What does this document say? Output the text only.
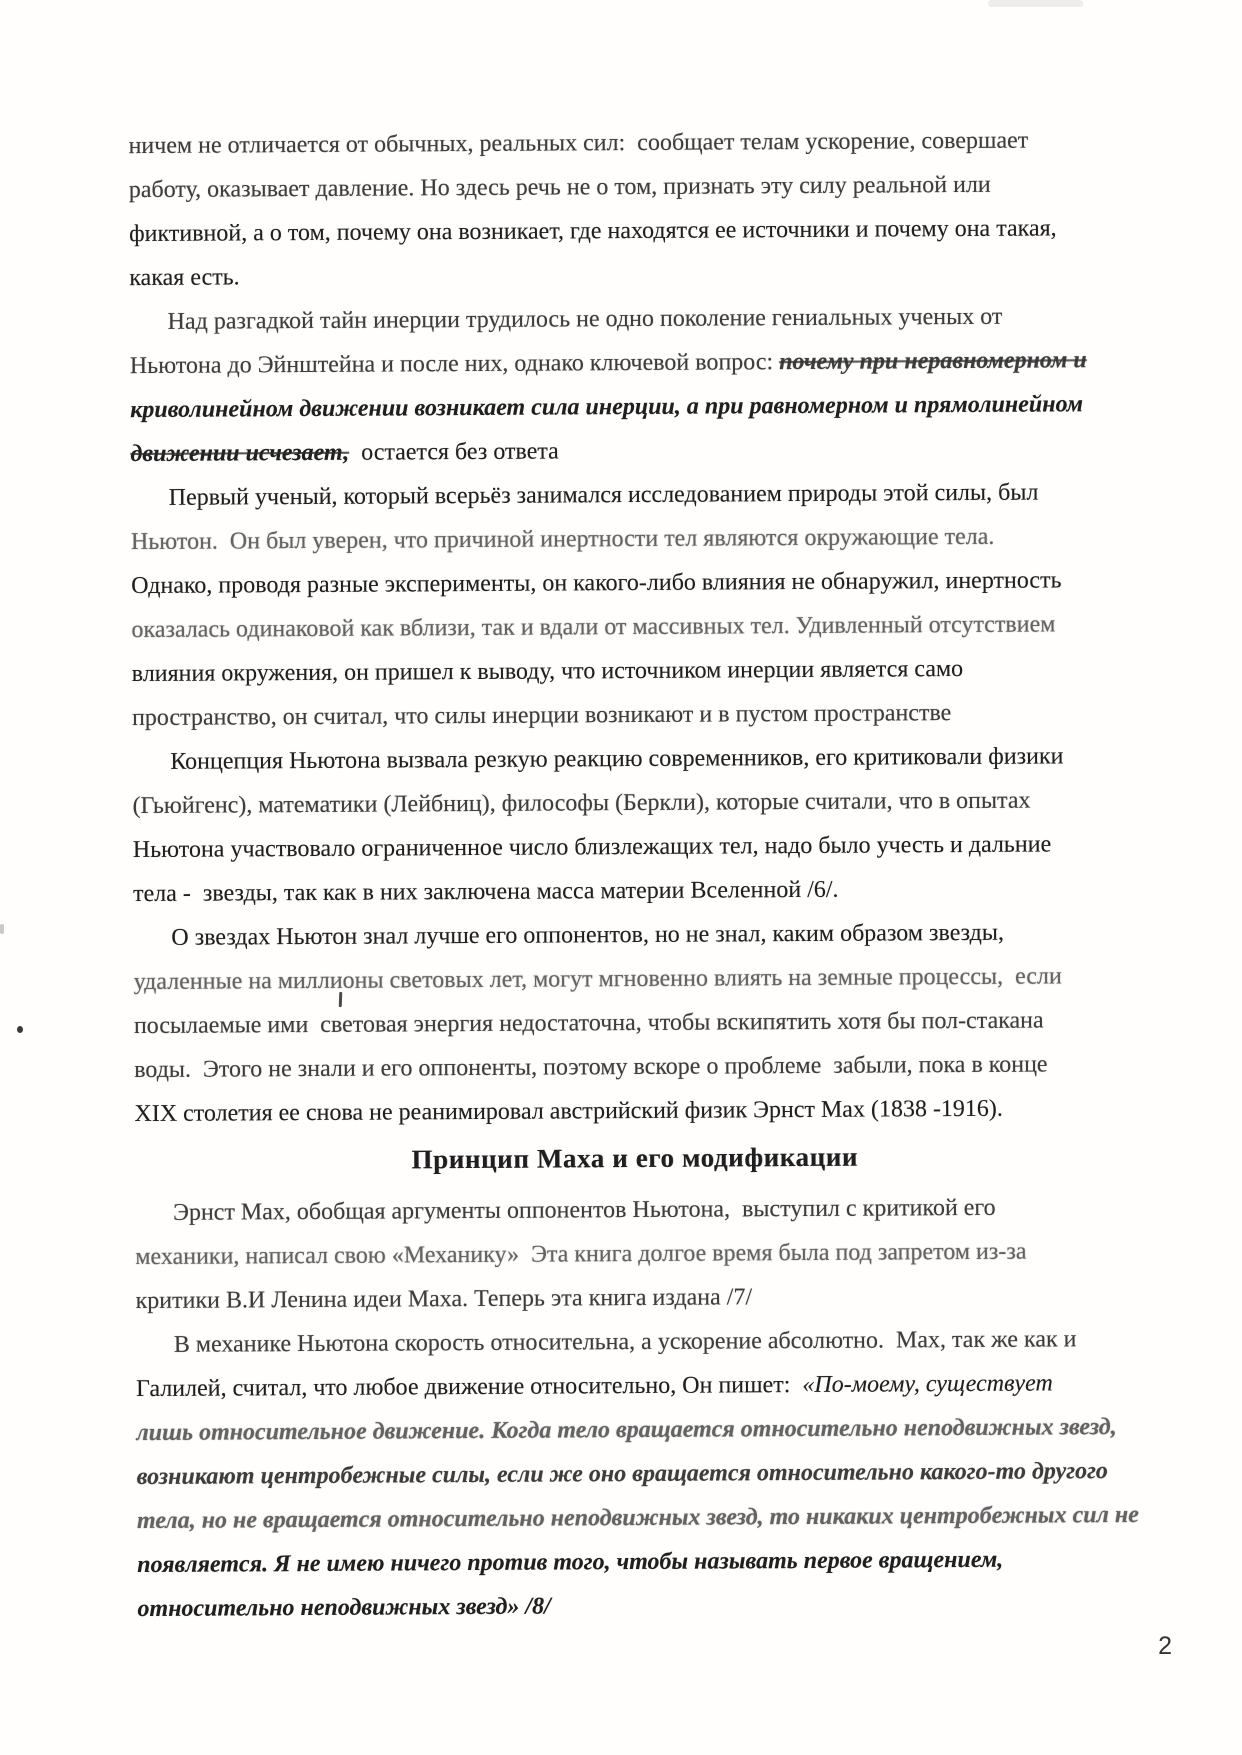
ничем не отличается от обычных, реальных сил:  сообщает телам ускорение, совершает

работу, оказывает давление. Но здесь речь не о том, признать эту силу реальной или

фиктивной, а о том, почему она возникает, где находятся ее источники и почему она такая,

какая есть.

Над разгадкой тайн инерции трудилось не одно поколение гениальных ученых от

Ньютона до Эйнштейна и после них, однако ключевой вопрос: почему при неравномерном и

криволинейном движении возникает сила инерции, а при равномерном и прямолинейном

движении исчезает,  остается без ответа

Первый ученый, который всерьёз занимался исследованием природы этой силы, был

Ньютон.  Он был уверен, что причиной инертности тел являются окружающие тела.

Однако, проводя разные эксперименты, он какого-либо влияния не обнаружил, инертность

оказалась одинаковой как вблизи, так и вдали от массивных тел. Удивленный отсутствием

влияния окружения, он пришел к выводу, что источником инерции является само

пространство, он считал, что силы инерции возникают и в пустом пространстве

Концепция Ньютона вызвала резкую реакцию современников, его критиковали физики

(Гьюйгенс), математики (Лейбниц), философы (Беркли), которые считали, что в опытах

Ньютона участвовало ограниченное число близлежащих тел, надо было учесть и дальние

тела -  звезды, так как в них заключена масса материи Вселенной /6/.

О звездах Ньютон знал лучше его оппонентов, но не знал, каким образом звезды,

удаленные на миллионы световых лет, могут мгновенно влиять на земные процессы,  если

посылаемые ими  световая энергия недостаточна, чтобы вскипятить хотя бы пол-стакана

воды.  Этого не знали и его оппоненты, поэтому вскоре о проблеме  забыли, пока в конце

XIX столетия ее снова не реанимировал австрийский физик Эрнст Мах (1838 -1916).

Принцип Маха и его модификации

Эрнст Мах, обобщая аргументы оппонентов Ньютона,  выступил с критикой его

механики, написал свою «Механику»  Эта книга долгое время была под запретом из-за

критики В.И Ленина идеи Маха. Теперь эта книга издана /7/

В механике Ньютона скорость относительна, а ускорение абсолютно.  Мах, так же как и

Галилей, считал, что любое движение относительно, Он пишет:  «По-моему, существует

лишь относительное движение. Когда тело вращается относительно неподвижных звезд,

возникают центробежные силы, если же оно вращается относительно какого-то другого

тела, но не вращается относительно неподвижных звезд, то никаких центробежных сил не

появляется. Я не имею ничего против того, чтобы называть первое вращением,

относительно неподвижных звезд» /8/

2
